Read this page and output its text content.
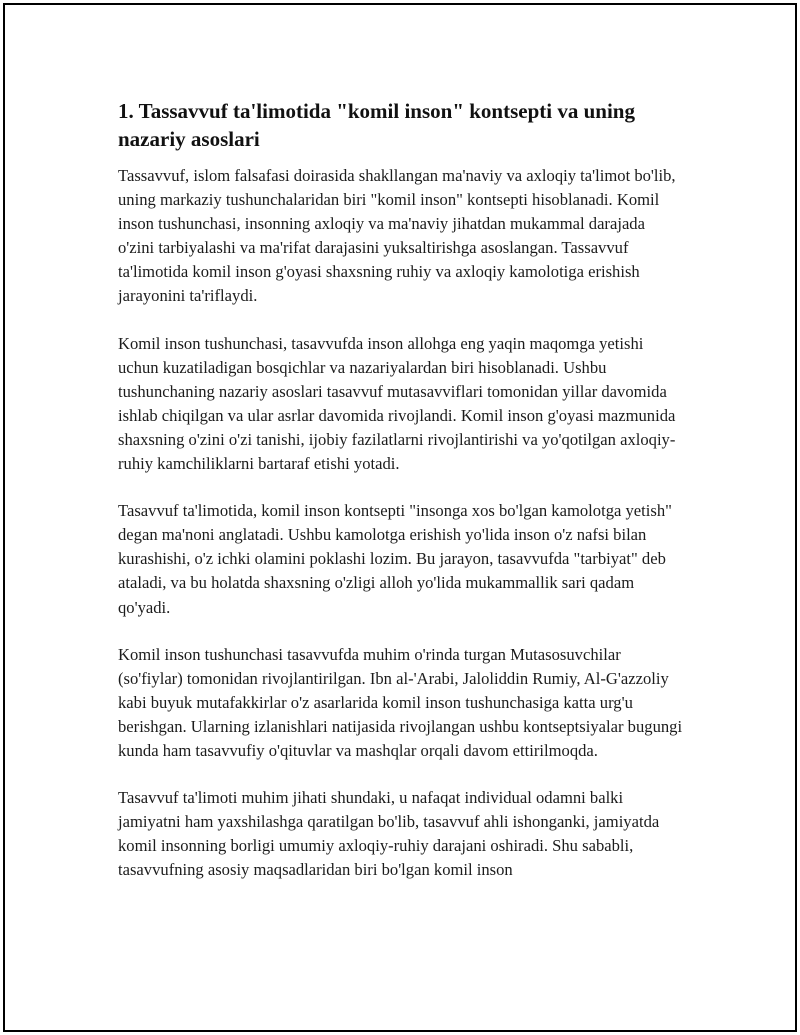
1. Tassavvuf ta'limotida "komil inson" kontsepti va uning nazariy asoslari

Tassavvuf, islom falsafasi doirasida shakllangan ma'naviy va axloqiy ta'limot bo'lib, uning markaziy tushunchalaridan biri "komil inson" kontsepti hisoblanadi. Komil inson tushunchasi, insonning axloqiy va ma'naviy jihatdan mukammal darajada o'zini tarbiyalashi va ma'rifat darajasini yuksaltirishga asoslangan. Tassavvuf ta'limotida komil inson g'oyasi shaxsning ruhiy va axloqiy kamolotiga erishish jarayonini ta'riflaydi.

Komil inson tushunchasi, tasavvufda inson allohga eng yaqin maqomga yetishi uchun kuzatiladigan bosqichlar va nazariyalardan biri hisoblanadi. Ushbu tushunchaning nazariy asoslari tasavvuf mutasavviflari tomonidan yillar davomida ishlab chiqilgan va ular asrlar davomida rivojlandi. Komil inson g'oyasi mazmunida shaxsning o'zini o'zi tanishi, ijobiy fazilatlarni rivojlantirishi va yo'qotilgan axloqiy-ruhiy kamchiliklarni bartaraf etishi yotadi.

Tasavvuf ta'limotida, komil inson kontsepti "insonga xos bo'lgan kamolotga yetish" degan ma'noni anglatadi. Ushbu kamolotga erishish yo'lida inson o'z nafsi bilan kurashishi, o'z ichki olamini poklashi lozim. Bu jarayon, tasavvufda "tarbiyat" deb ataladi, va bu holatda shaxsning o'zligi alloh yo'lida mukammallik sari qadam qo'yadi.

Komil inson tushunchasi tasavvufda muhim o'rinda turgan Mutasosuvchilar (so'fiylar) tomonidan rivojlantirilgan. Ibn al-'Arabi, Jaloliddin Rumiy, Al-G'azzoliy kabi buyuk mutafakkirlar o'z asarlarida komil inson tushunchasiga katta urg'u berishgan. Ularning izlanishlari natijasida rivojlangan ushbu kontseptsiyalar bugungi kunda ham tasavvufiy o'qituvlar va mashqlar orqali davom ettirilmoqda.

Tasavvuf ta'limoti muhim jihati shundaki, u nafaqat individual odamni balki jamiyatni ham yaxshilashga qaratilgan bo'lib, tasavvuf ahli ishonganki, jamiyatda komil insonning borligi umumiy axloqiy-ruhiy darajani oshiradi. Shu sababli, tasavvufning asosiy maqsadlaridan biri bo'lgan komil inson
